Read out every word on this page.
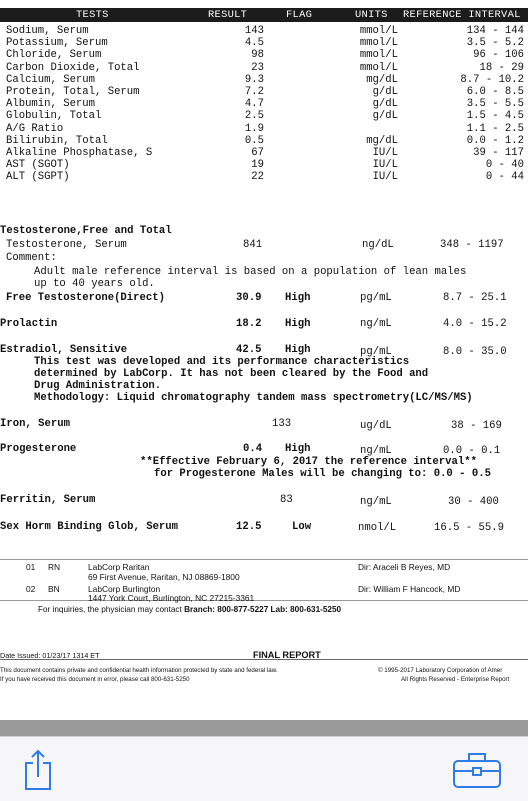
TESTS	RESULT	FLAG	UNITS REFERENCE INTERVAL
Sodium, Serum	143	mmol/L	134 - 144
Potassium, Serum	4.5	mmol/L	3.5 - 5.2
Chloride, Serum	98	mmol/L	96 - 106
Carbon Dioxide, Total	23	mmol/L	18 - 29
Calcium, Serum	9.3	mg/dL	8.7 - 10.2
Protein, Total, Serum	7.2	g/dL	6.0 - 8.5
Albumin, Serum	4.7	g/dL	3.5 - 5.5
Globulin, Total	2.5	g/dL	1.5 - 4.5
A/G Ratio	1.9	1.1 - 2.5
Bilirubin, Total	0.5	mg/dL	0.0 - 1.2
Alkaline Phosphatase, S	67	IU/L	39 - 117
AST (SGOT)	19	IU/L	0 - 40
ALT (SGPT)	22	IU/L	0 - 44
Testosterone,Free and Total
Testosterone, Serum	841	ng/dL	348 - 1197
Comment:
Adult male reference interval is based on a population of lean males
up to 40 years old.
Free Testosterone(Direct)	30.9 High	pg/mL	8.7 - 25.1
Prolactin	18.2 High	ng/mL	4.0 - 15.2
Estradiol, Sensitive	42.5 High	pg/mL	8.0 - 35.0
This test was developed and its performance characteristics
determined by LabCorp. It has not been cleared by the Food and
Drug Administration.
Methodology: Liquid chromatography tandem mass spectrometry(LC/MS/MS)
Iron, Serum	133	ug/dL	38 - 169
Progesterone	0.4 High	ng/mL	0.0 - 0.1
**Effective February 6, 2017 the reference interval**
for Progesterone Males will be changing to: 0.0 - 0.5
Ferritin, Serum	83	ng/mL	30 - 400
Sex Horm Binding Glob, Serum	12.5	Low	nmol/L	16.5 - 55.9
01 RN	LabCorp Raritan
69 First Avenue, Raritan, NJ 08869-1800
Dir: Araceli B Reyes, MD
02 BN	LabCorp Burlington
1447 York Court, Burlington, NC 27215-3361
Dir: William F Hancock, MD
For inquiries, the physician may contact Branch: 800-877-5227 Lab: 800-631-5250
Date Issued: 01/23/17 1314 ET	FINAL REPORT
This document contains private and confidential health information protected by state and federal law.
If you have received this document in error, please call 800-631-5250
© 1995-2017 Laboratory Corporation of Amer
All Rights Reserved - Enterprise Report
